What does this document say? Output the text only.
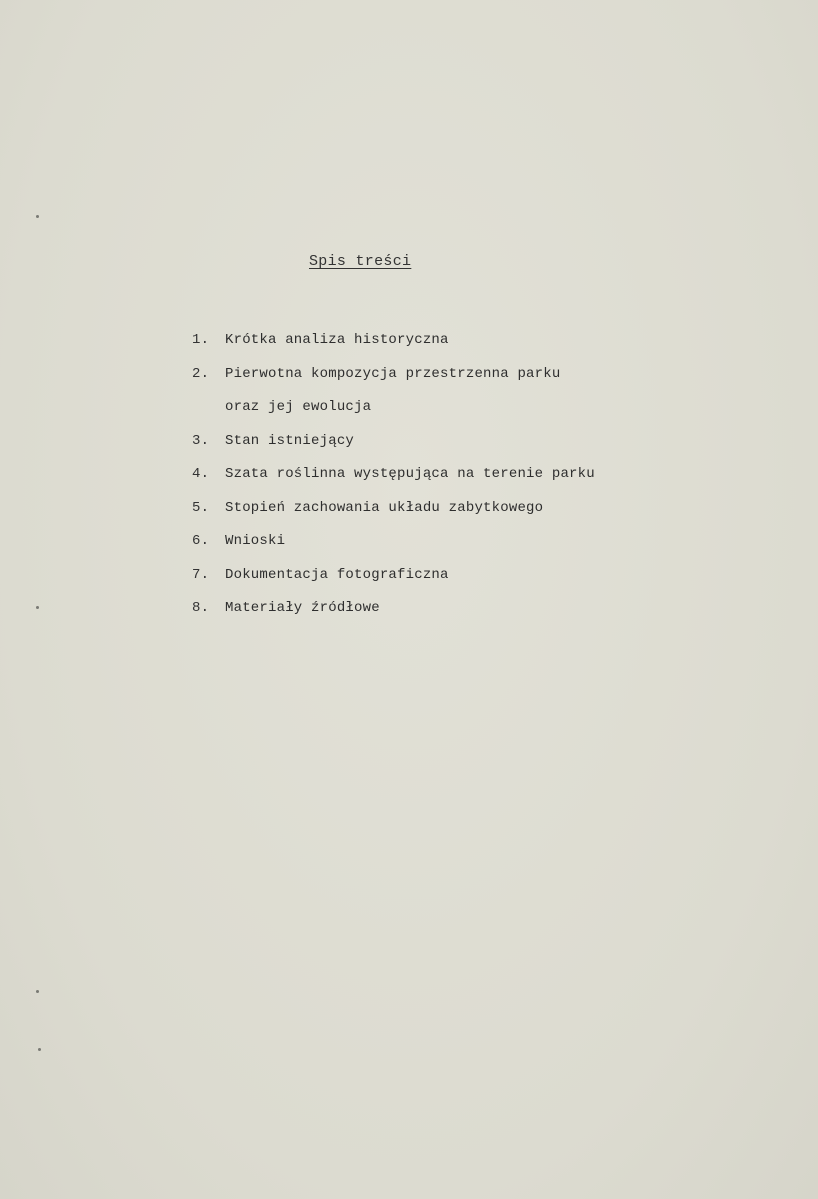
Spis treści
1. Krótka analiza historyczna
2. Pierwotna kompozycja przestrzenna parku
oraz jej ewolucja
3. Stan istniejący
4. Szata roślinna występująca na terenie parku
5. Stopień zachowania układu zabytkowego
6. Wnioski
7. Dokumentacja fotograficzna
8. Materiały źródłowe
